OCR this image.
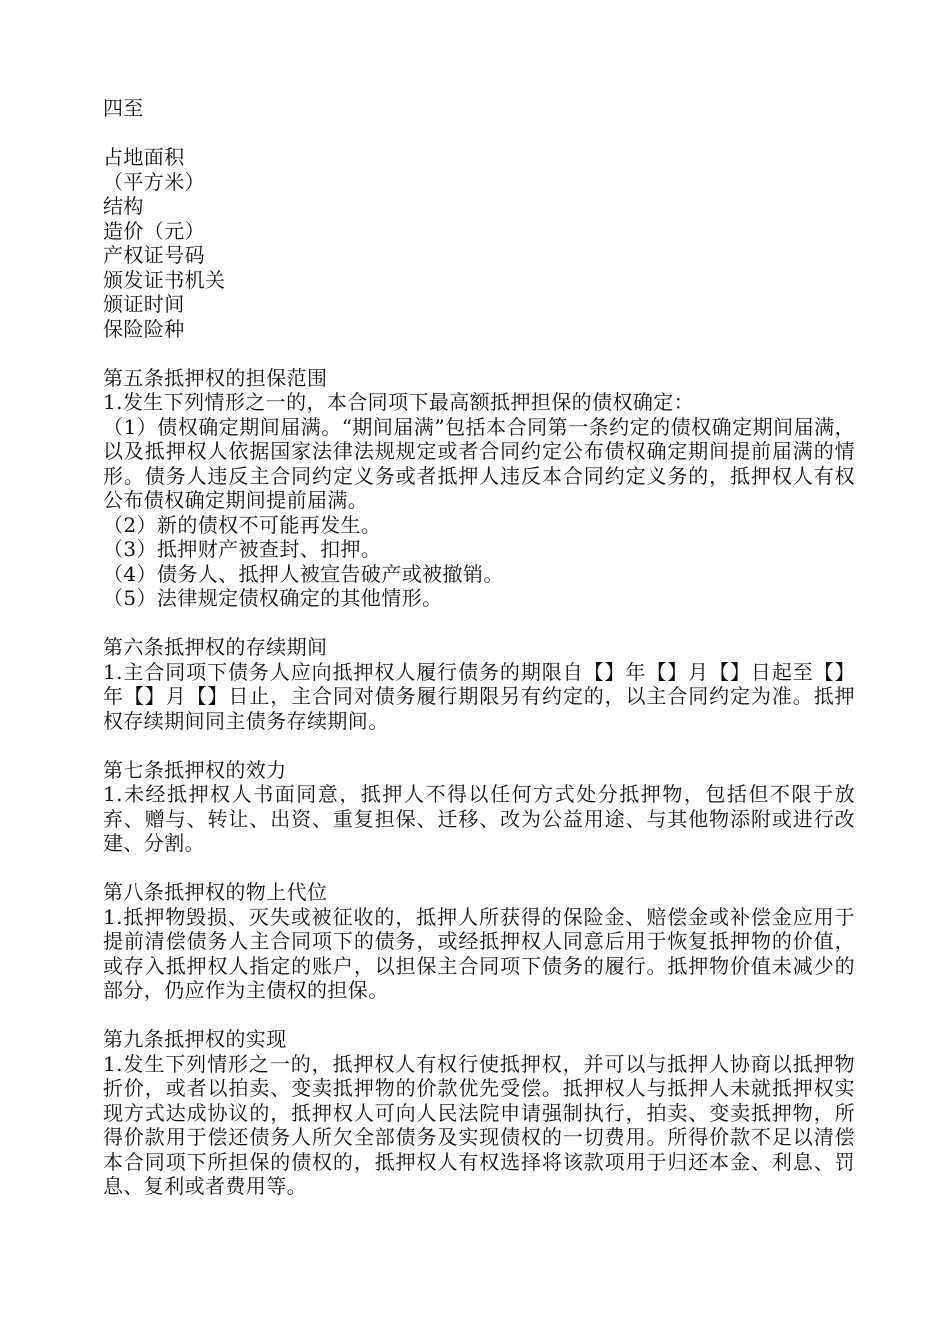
四至

占地面积

（平方米）

结构

造价（元）

产权证号码

颁发证书机关

颁证时间

保险险种

第五条抵押权的担保范围

1.发生下列情形之一的，本合同项下最高额抵押担保的债权确定：

（1）债权确定期间届满。“期间届满”包括本合同第一条约定的债权确定期间届满，以及抵押权人依据国家法律法规规定或者合同约定公布债权确定期间提前届满的情形。债务人违反主合同约定义务或者抵押人违反本合同约定义务的，抵押权人有权公布债权确定期间提前届满。

（2）新的债权不可能再发生。

（3）抵押财产被查封、扣押。

（4）债务人、抵押人被宣告破产或被撤销。

（5）法律规定债权确定的其他情形。

第六条抵押权的存续期间

1.主合同项下债务人应向抵押权人履行债务的期限自【】年【】月【】日起至【】年【】月【】日止，主合同对债务履行期限另有约定的，以主合同约定为准。抵押权存续期间同主债务存续期间。

第七条抵押权的效力

1.未经抵押权人书面同意，抵押人不得以任何方式处分抵押物，包括但不限于放弃、赠与、转让、出资、重复担保、迁移、改为公益用途、与其他物添附或进行改建、分割。

第八条抵押权的物上代位

1.抵押物毁损、灭失或被征收的，抵押人所获得的保险金、赔偿金或补偿金应用于提前清偿债务人主合同项下的债务，或经抵押权人同意后用于恢复抵押物的价值，或存入抵押权人指定的账户，以担保主合同项下债务的履行。抵押物价值未减少的部分，仍应作为主债权的担保。

第九条抵押权的实现

1.发生下列情形之一的，抵押权人有权行使抵押权，并可以与抵押人协商以抵押物折价，或者以拍卖、变卖抵押物的价款优先受偿。抵押权人与抵押人未就抵押权实现方式达成协议的，抵押权人可向人民法院申请强制执行，拍卖、变卖抵押物，所得价款用于偿还债务人所欠全部债务及实现债权的一切费用。所得价款不足以清偿本合同项下所担保的债权的，抵押权人有权选择将该款项用于归还本金、利息、罚息、复利或者费用等。
